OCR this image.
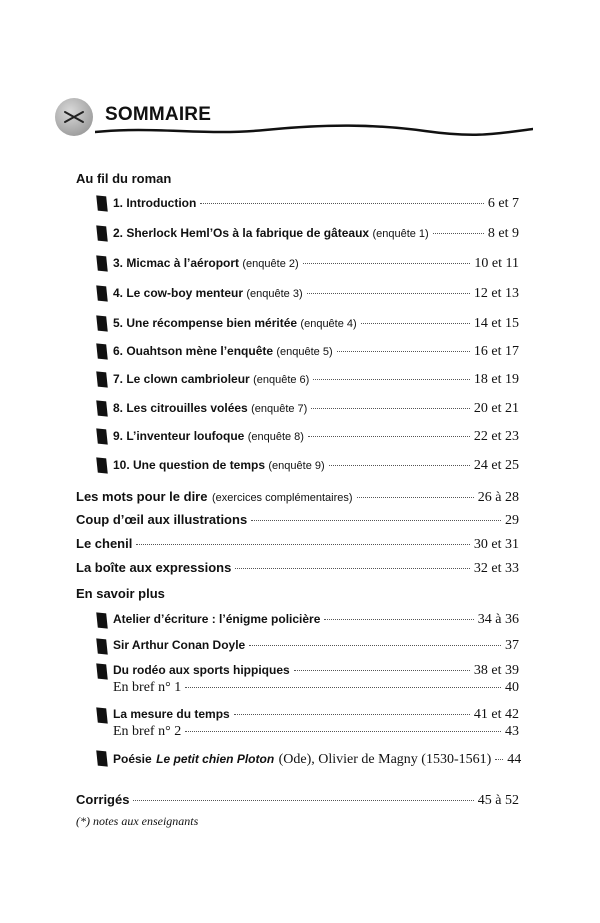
SOMMAIRE
Au fil du roman
1. Introduction	6 et 7
2. Sherlock Heml’Os à la fabrique de gâteaux (enquête 1)	8 et 9
3. Micmac à l’aéroport (enquête 2)	10 et 11
4. Le cow-boy menteur (enquête 3)	12 et 13
5. Une récompense bien méritée (enquête 4)	14 et 15
6. Ouahtson mène l’enquête (enquête 5)	16 et 17
7. Le clown cambrioleur (enquête 6)	18 et 19
8. Les citrouilles volées (enquête 7)	20 et 21
9. L’inventeur loufoque (enquête 8)	22 et 23
10. Une question de temps (enquête 9)	24 et 25
Les mots pour le dire (exercices complémentaires)	26 à 28
Coup d’œil aux illustrations	29
Le chenil	30 et 31
La boîte aux expressions	32 et 33
En savoir plus
Atelier d’écriture : l’énigme policière	34 à 36
Sir Arthur Conan Doyle	37
Du rodéo aux sports hippiques	38 et 39
En bref n° 1	40
La mesure du temps	41 et 42
En bref n° 2	43
Poésie Le petit chien Ploton (Ode), Olivier de Magny (1530-1561) 44
Corrigés	45 à 52
(*) notes aux enseignants
